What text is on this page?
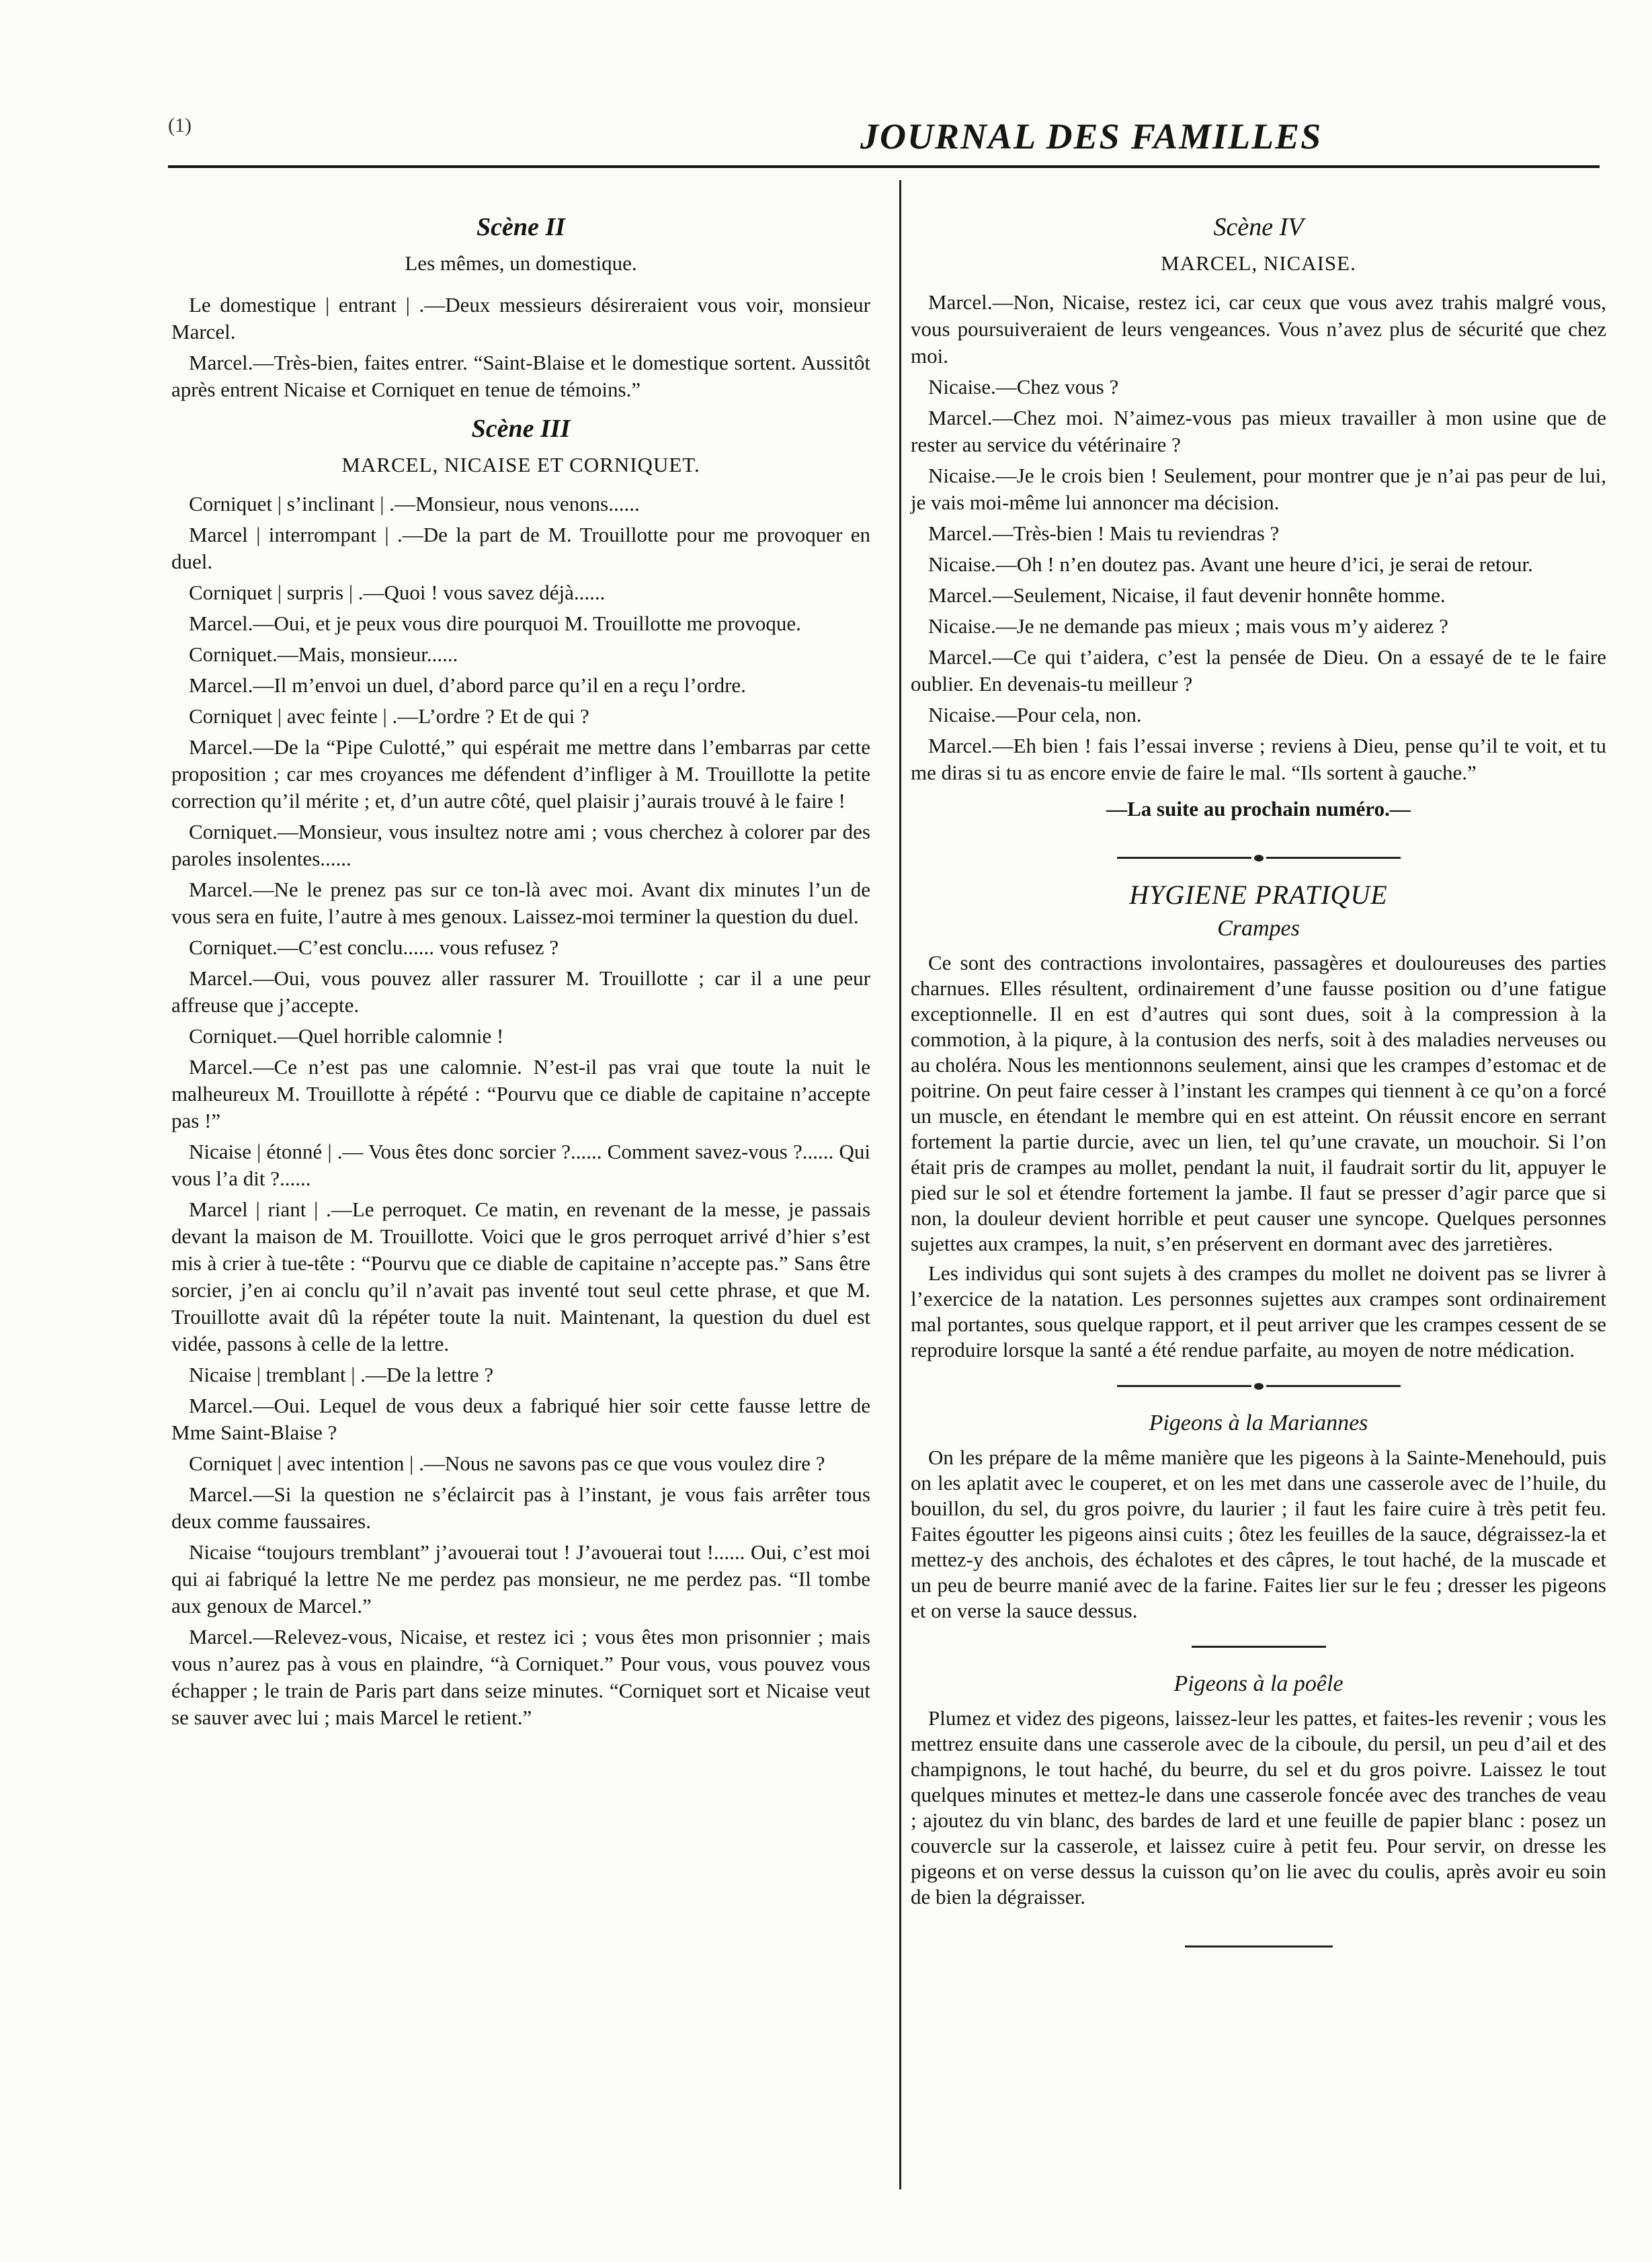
(1)	JOURNAL DES FAMILLES
Scène II
Les mêmes, un domestique.

Le domestique | entrant | .—Deux messieurs désireraient vous voir, monsieur Marcel.

Marcel.—Très-bien, faites entrer. “Saint-Blaise et le domestique sortent. Aussitôt après entrent Nicaise et Corniquet en tenue de témoins.”

Scène III
MARCEL, NICAISE ET CORNIQUET.

Corniquet | s’inclinant | .—Monsieur, nous venons......

Marcel | interrompant | .—De la part de M. Trouillotte pour me provoquer en duel.

Corniquet | surpris | .—Quoi ! vous savez déjà......

Marcel.—Oui, et je peux vous dire pourquoi M. Trouillotte me provoque.

Corniquet.—Mais, monsieur......

Marcel.—Il m’envoi un duel, d’abord parce qu’il en a reçu l’ordre.

Corniquet | avec feinte | .—L’ordre ? Et de qui ?

Marcel.—De la “Pipe Culotté,” qui espérait me mettre dans l’embarras par cette proposition ; car mes croyances me défendent d’infliger à M. Trouillotte la petite correction qu’il mérite ; et, d’un autre côté, quel plaisir j’aurais trouvé à le faire !

Corniquet.—Monsieur, vous insultez notre ami ; vous cherchez à colorer par des paroles insolentes......

Marcel.—Ne le prenez pas sur ce ton-là avec moi. Avant dix minutes l’un de vous sera en fuite, l’autre à mes genoux. Laissez-moi terminer la question du duel.

Corniquet.—C’est conclu...... vous refusez ?

Marcel.—Oui, vous pouvez aller rassurer M. Trouillotte ; car il a une peur affreuse que j’accepte.

Corniquet.—Quel horrible calomnie !

Marcel.—Ce n’est pas une calomnie. N’est-il pas vrai que toute la nuit le malheureux M. Trouillotte à répété : “Pourvu que ce diable de capitaine n’accepte pas !”

Nicaise | étonné | .— Vous êtes donc sorcier ?...... Comment savez-vous ?...... Qui vous l’a dit ?......

Marcel | riant | .—Le perroquet. Ce matin, en revenant de la messe, je passais devant la maison de M. Trouillotte. Voici que le gros perroquet arrivé d’hier s’est mis à crier à tue-tête : “Pourvu que ce diable de capitaine n’accepte pas.” Sans être sorcier, j’en ai conclu qu’il n’avait pas inventé tout seul cette phrase, et que M. Trouillotte avait dû la répéter toute la nuit. Maintenant, la question du duel est vidée, passons à celle de la lettre.

Nicaise | tremblant | .—De la lettre ?

Marcel.—Oui. Lequel de vous deux a fabriqué hier soir cette fausse lettre de Mme Saint-Blaise ?

Corniquet | avec intention | .—Nous ne savons pas ce que vous voulez dire ?

Marcel.—Si la question ne s’éclaircit pas à l’instant, je vous fais arrêter tous deux comme faussaires.

Nicaise “toujours tremblant” j’avouerai tout ! J’avouerai tout !...... Oui, c’est moi qui ai fabriqué la lettre Ne me perdez pas monsieur, ne me perdez pas. “Il tombe aux genoux de Marcel.”

Marcel.—Relevez-vous, Nicaise, et restez ici ; vous êtes mon prisonnier ; mais vous n’aurez pas à vous en plaindre, “à Corniquet.” Pour vous, vous pouvez vous échapper ; le train de Paris part dans seize minutes. “Corniquet sort et Nicaise veut se sauver avec lui ; mais Marcel le retient.”

Scène IV
MARCEL, NICAISE.

Marcel.—Non, Nicaise, restez ici, car ceux que vous avez trahis malgré vous, vous poursuiveraient de leurs vengeances. Vous n’avez plus de sécurité que chez moi.

Nicaise.—Chez vous ?

Marcel.—Chez moi. N’aimez-vous pas mieux travailler à mon usine que de rester au service du vétérinaire ?

Nicaise.—Je le crois bien ! Seulement, pour montrer que je n’ai pas peur de lui, je vais moi-même lui annoncer ma décision.

Marcel.—Très-bien ! Mais tu reviendras ?

Nicaise.—Oh ! n’en doutez pas. Avant une heure d’ici, je serai de retour.

Marcel.—Seulement, Nicaise, il faut devenir honnête homme.

Nicaise.—Je ne demande pas mieux ; mais vous m’y aiderez ?

Marcel.—Ce qui t’aidera, c’est la pensée de Dieu. On a essayé de te le faire oublier. En devenais-tu meilleur ?

Nicaise.—Pour cela, non.

Marcel.—Eh bien ! fais l’essai inverse ; reviens à Dieu, pense qu’il te voit, et tu me diras si tu as encore envie de faire le mal. “Ils sortent à gauche.”

—La suite au prochain numéro.—
HYGIENE PRATIQUE
Crampes

Ce sont des contractions involontaires, passagères et douloureuses des parties charnues. Elles résultent, ordinairement d’une fausse position ou d’une fatigue exceptionnelle. Il en est d’autres qui sont dues, soit à la compression à la commotion, à la piqure, à la contusion des nerfs, soit à des maladies nerveuses ou au choléra. Nous les mentionnons seulement, ainsi que les crampes d’estomac et de poitrine. On peut faire cesser à l’instant les crampes qui tiennent à ce qu’on a forcé un muscle, en étendant le membre qui en est atteint. On réussit encore en serrant fortement la partie durcie, avec un lien, tel qu’une cravate, un mouchoir. Si l’on était pris de crampes au mollet, pendant la nuit, il faudrait sortir du lit, appuyer le pied sur le sol et étendre fortement la jambe. Il faut se presser d’agir parce que si non, la douleur devient horrible et peut causer une syncope. Quelques personnes sujettes aux crampes, la nuit, s’en préservent en dormant avec des jarretières.

Les individus qui sont sujets à des crampes du mollet ne doivent pas se livrer à l’exercice de la natation. Les personnes sujettes aux crampes sont ordinairement mal portantes, sous quelque rapport, et il peut arriver que les crampes cessent de se reproduire lorsque la santé a été rendue parfaite, au moyen de notre médication.

Pigeons à la Mariannes

On les prépare de la même manière que les pigeons à la Sainte-Menehould, puis on les aplatit avec le couperet, et on les met dans une casserole avec de l’huile, du bouillon, du sel, du gros poivre, du laurier ; il faut les faire cuire à très petit feu. Faites égoutter les pigeons ainsi cuits ; ôtez les feuilles de la sauce, dégraissez-la et mettez-y des anchois, des échalotes et des câpres, le tout haché, de la muscade et un peu de beurre manié avec de la farine. Faites lier sur le feu ; dresser les pigeons et on verse la sauce dessus.

Pigeons à la poêle

Plumez et videz des pigeons, laissez-leur les pattes, et faites-les revenir ; vous les mettrez ensuite dans une casserole avec de la ciboule, du persil, un peu d’ail et des champignons, le tout haché, du beurre, du sel et du gros poivre. Laissez le tout quelques minutes et mettez-le dans une casserole foncée avec des tranches de veau ; ajoutez du vin blanc, des bardes de lard et une feuille de papier blanc : posez un couvercle sur la casserole, et laissez cuire à petit feu. Pour servir, on dresse les pigeons et on verse dessus la cuisson qu’on lie avec du coulis, après avoir eu soin de bien la dégraisser.
